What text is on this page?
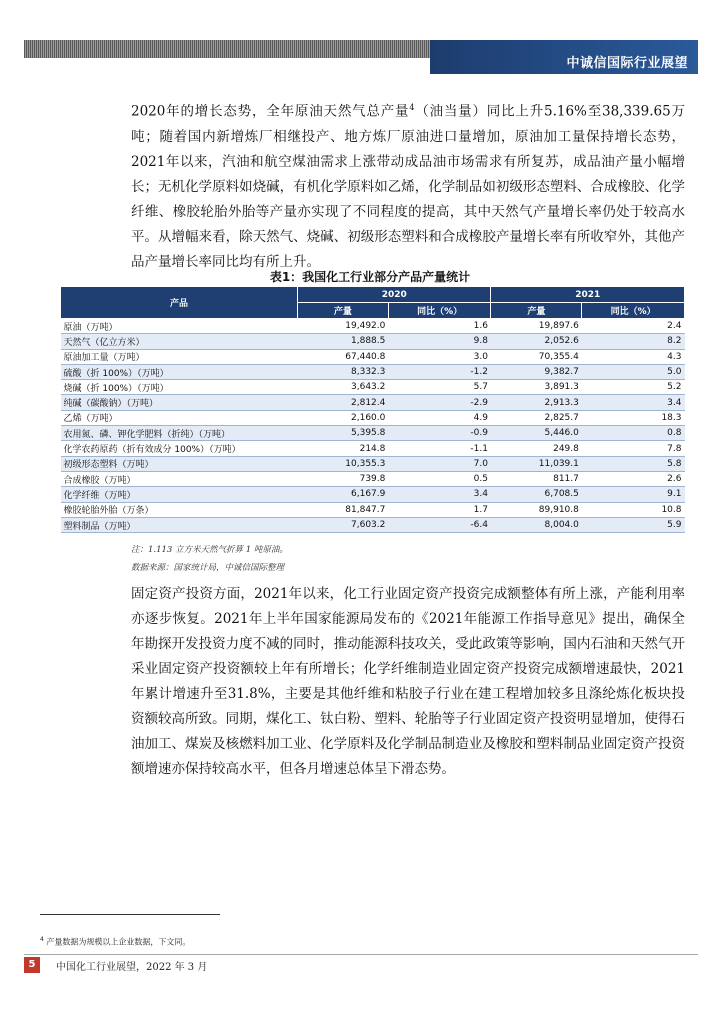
中诚信国际行业展望

2020年的增长态势，全年原油天然气总产量$^4$（油当量）同比上升5.16%至38,339.65万吨；随着国内新增炼厂相继投产、地方炼厂原油进口量增加，原油加工量保持增长态势，2021年以来，汽油和航空煤油需求上涨带动成品油市场需求有所复苏，成品油产量小幅增长；无机化学原料如烧碱，有机化学原料如乙烯，化学制品如初级形态塑料、合成橡胶、化学纤维、橡胶轮胎外胎等产量亦实现了不同程度的提高，其中天然气产量增长率仍处于较高水平。从增幅来看，除天然气、烧碱、初级形态塑料和合成橡胶产量增长率有所收窄外，其他产品产量增长率同比均有所上升。

表1：我国化工行业部分产品产量统计
产品	2020		2021	
	产量	同比（%）	产量	同比（%）
原油（万吨）	19,492.0	1.6	19,897.6	2.4
天然气（亿立方米）	1,888.5	9.8	2,052.6	8.2
原油加工量（万吨）	67,440.8	3.0	70,355.4	4.3
硫酸（折 100%）（万吨）	8,332.3	-1.2	9,382.7	5.0
烧碱（折 100%）（万吨）	3,643.2	5.7	3,891.3	5.2
纯碱（碳酸钠）（万吨）	2,812.4	-2.9	2,913.3	3.4
乙烯（万吨）	2,160.0	4.9	2,825.7	18.3
农用氮、磷、钾化学肥料（折纯）（万吨）	5,395.8	-0.9	5,446.0	0.8
化学农药原药（折有效成分 100%）（万吨）	214.8	-1.1	249.8	7.8
初级形态塑料（万吨）	10,355.3	7.0	11,039.1	5.8
合成橡胶（万吨）	739.8	0.5	811.7	2.6
化学纤维（万吨）	6,167.9	3.4	6,708.5	9.1
橡胶轮胎外胎（万条）	81,847.7	1.7	89,910.8	10.8
塑料制品（万吨）	7,603.2	-6.4	8,004.0	5.9
注：1.113 立方米天然气折算 1 吨原油。
数据来源：国家统计局，中诚信国际整理

固定资产投资方面，2021年以来，化工行业固定资产投资完成额整体有所上涨，产能利用率亦逐步恢复。2021年上半年国家能源局发布的《2021年能源工作指导意见》提出，确保全年勘探开发投资力度不减的同时，推动能源科技攻关，受此政策等影响，国内石油和天然气开采业固定资产投资额较上年有所增长；化学纤维制造业固定资产投资完成额增速最快，2021年累计增速升至31.8%，主要是其他纤维和粘胶子行业在建工程增加较多且涤纶炼化板块投资额较高所致。同期，煤化工、钛白粉、塑料、轮胎等子行业固定资产投资明显增加，使得石油加工、煤炭及核燃料加工业、化学原料及化学制品制造业及橡胶和塑料制品业固定资产投资额增速亦保持较高水平，但各月增速总体呈下滑态势。

$^4$ 产量数据为规模以上企业数据，下文同。
5	中国化工行业展望，2022 年 3 月
